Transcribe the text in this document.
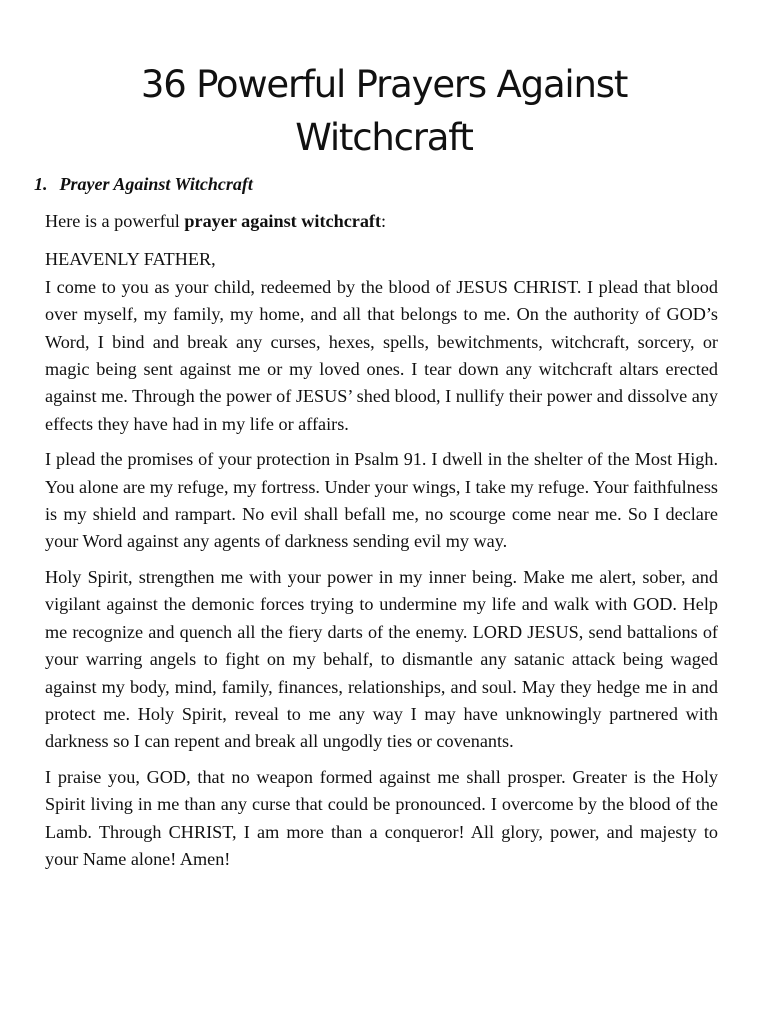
36 Powerful Prayers Against Witchcraft
1. Prayer Against Witchcraft

Here is a powerful prayer against witchcraft:

HEAVENLY FATHER,
I come to you as your child, redeemed by the blood of JESUS CHRIST. I plead that blood over myself, my family, my home, and all that belongs to me. On the authority of GOD’s Word, I bind and break any curses, hexes, spells, bewitchments, witchcraft, sorcery, or magic being sent against me or my loved ones. I tear down any witchcraft altars erected against me. Through the power of JESUS’ shed blood, I nullify their power and dissolve any effects they have had in my life or affairs.

I plead the promises of your protection in Psalm 91. I dwell in the shelter of the Most High. You alone are my refuge, my fortress. Under your wings, I take my refuge. Your faithfulness is my shield and rampart. No evil shall befall me, no scourge come near me. So I declare your Word against any agents of darkness sending evil my way.

Holy Spirit, strengthen me with your power in my inner being. Make me alert, sober, and vigilant against the demonic forces trying to undermine my life and walk with GOD. Help me recognize and quench all the fiery darts of the enemy. LORD JESUS, send battalions of your warring angels to fight on my behalf, to dismantle any satanic attack being waged against my body, mind, family, finances, relationships, and soul. May they hedge me in and protect me. Holy Spirit, reveal to me any way I may have unknowingly partnered with darkness so I can repent and break all ungodly ties or covenants.

I praise you, GOD, that no weapon formed against me shall prosper. Greater is the Holy Spirit living in me than any curse that could be pronounced. I overcome by the blood of the Lamb. Through CHRIST, I am more than a conqueror! All glory, power, and majesty to your Name alone! Amen!
